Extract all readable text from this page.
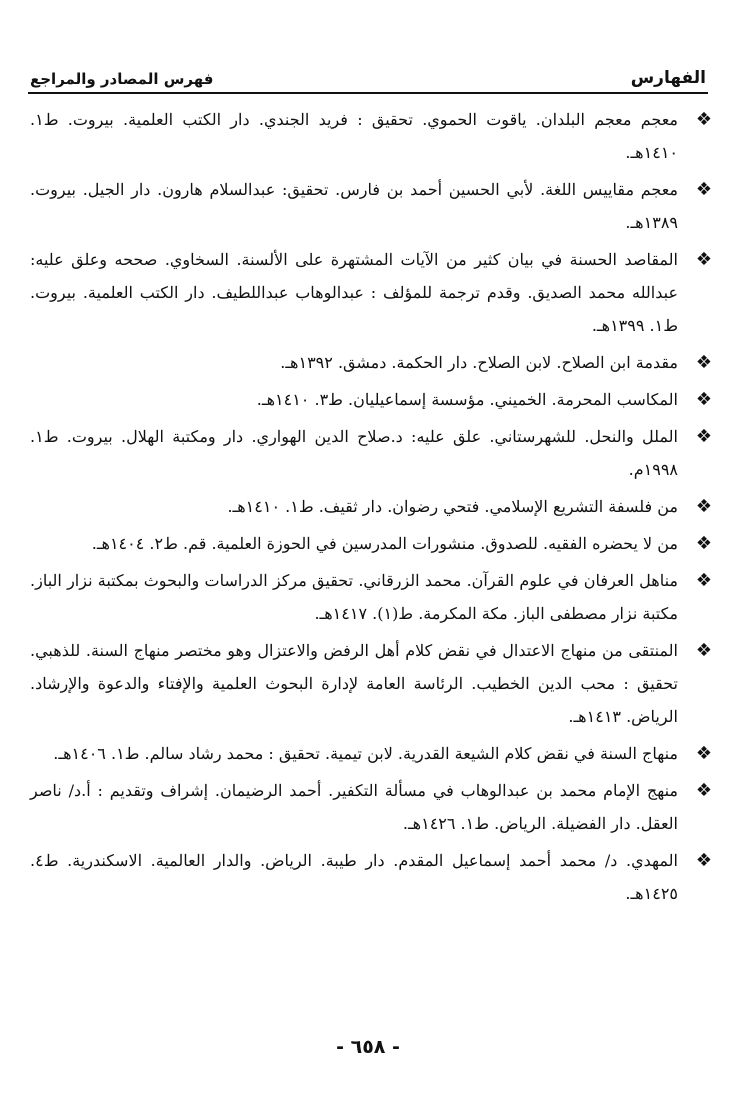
الفهارس
فهرس المصادر والمراجع
❖
معجم معجم البلدان. ياقوت الحموي. تحقيق : فريد الجندي. دار الكتب العلمية. بيروت. ط١. ١٤١٠هـ.
❖
معجم مقاييس اللغة. لأبي الحسين أحمد بن فارس. تحقيق: عبدالسلام هارون. دار الجيل. بيروت. ١٣٨٩هـ.
❖
المقاصد الحسنة في بيان كثير من الآيات المشتهرة على الألسنة. السخاوي. صححه وعلق عليه: عبدالله محمد الصديق. وقدم ترجمة للمؤلف : عبدالوهاب عبداللطيف. دار الكتب العلمية. بيروت. ط١. ١٣٩٩هـ.
❖
مقدمة ابن الصلاح. لابن الصلاح. دار الحكمة. دمشق. ١٣٩٢هـ.
❖
المكاسب المحرمة. الخميني. مؤسسة إسماعيليان. ط٣. ١٤١٠هـ.
❖
الملل والنحل. للشهرستاني. علق عليه: د.صلاح الدين الهواري. دار ومكتبة الهلال. بيروت. ط١. ١٩٩٨م.
❖
من فلسفة التشريع الإسلامي. فتحي رضوان. دار ثقيف. ط١. ١٤١٠هـ.
❖
من لا يحضره الفقيه. للصدوق. منشورات المدرسين في الحوزة العلمية. قم. ط٢. ١٤٠٤هـ.
❖
مناهل العرفان في علوم القرآن. محمد الزرقاني. تحقيق مركز الدراسات والبحوث بمكتبة نزار الباز. مكتبة نزار مصطفى الباز. مكة المكرمة. ط(١). ١٤١٧هـ.
❖
المنتقى من منهاج الاعتدال في نقض كلام أهل الرفض والاعتزال وهو مختصر منهاج السنة. للذهبي. تحقيق : محب الدين الخطيب. الرئاسة العامة لإدارة البحوث العلمية والإفتاء والدعوة والإرشاد. الرياض. ١٤١٣هـ.
❖
منهاج السنة في نقض كلام الشيعة القدرية. لابن تيمية. تحقيق : محمد رشاد سالم. ط١. ١٤٠٦هـ.
❖
منهج الإمام محمد بن عبدالوهاب في مسألة التكفير. أحمد الرضيمان. إشراف وتقديم : أ.د/ ناصر العقل. دار الفضيلة. الرياض. ط١. ١٤٢٦هـ.
❖
المهدي. د/ محمد أحمد إسماعيل المقدم. دار طيبة. الرياض. والدار العالمية. الاسكندرية. ط٤. ١٤٢٥هـ.
- ٦٥٨ -
